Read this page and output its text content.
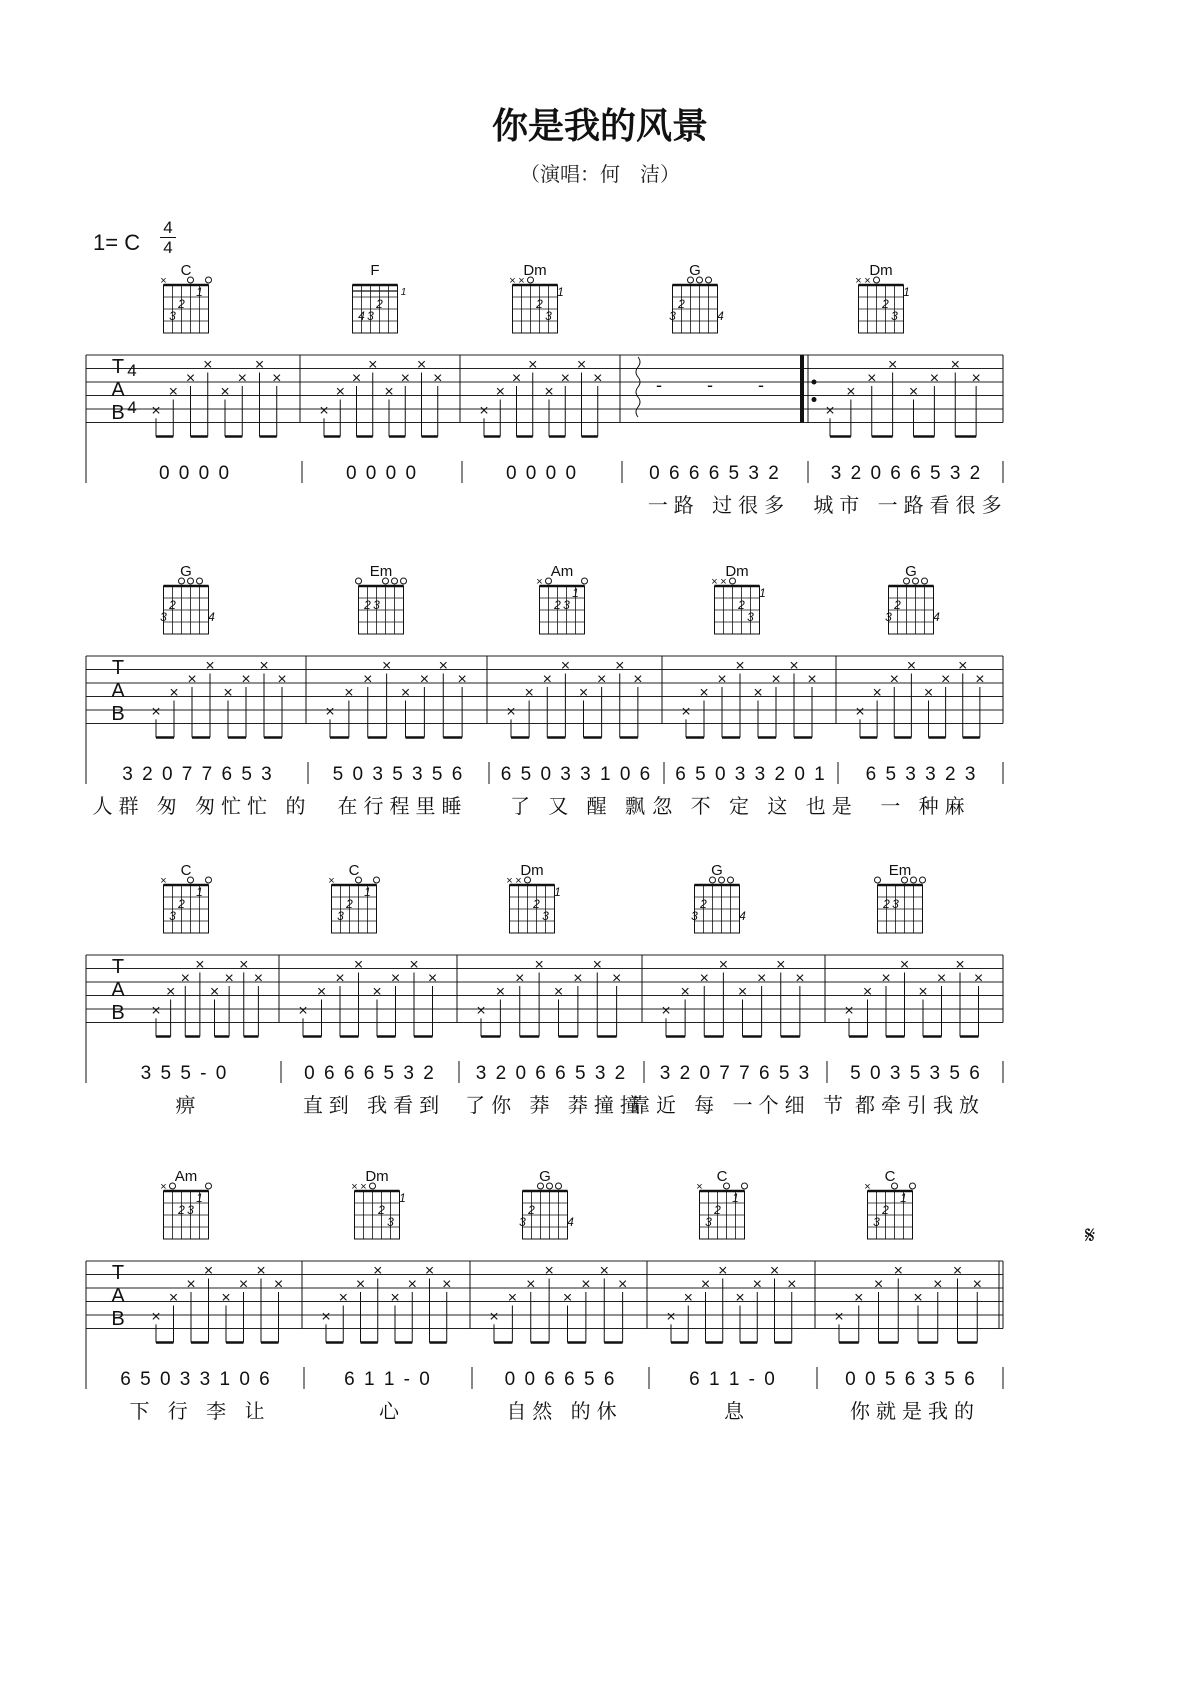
你是我的风景
（演唱：何　洁）
1= C
4
4
T
A
B
4
4 ×
×
×
×
×
×
×
×
0 0 0 0
×
×
×
×
×
×
×
×
0 0 0 0
×
×
×
×
×
×
×
×
0 0 0 0
- - -
0 6 6 6 5 3 2
一路 过很多
×
×
×
×
×
×
×
×
3 2 0 6 6 5 3 2
城市 一路看很多
C
×
1
2
3
F
1
2
3
4
Dm
×
×
1
2
3
G
2
3	4
Dm
×
×
1
2
3
T
A
B ×
×
×
×
×
×
×
×
3 2 0 7 7 6 5 3
人群 匆 匆忙忙 的
×
×
×
×
×
×
×
×
5 0 3 5 3 5 6
在行程里睡
×
×
×
×
×
×
×
×
6 5 0 3 3 1 0 6
了 又 醒 飘
×
×
×
×
×
×
×
×
6 5 0 3 3 2 0 1
忽 不 定 这 也是
×
×
×
×
×
×
×
×
6 5 3 3 2 3
一 种麻
G
2
3	4
Em
2 3
Am
×
1
2 3
Dm
×
×
1
2
3
G
2
3	4
T
A
B ×
×
×
×
×
×
×
×
3 5 5 - 0
痹
×
×
×
×
×
×
×
×
0 6 6 6 5 3 2
直到 我看到
×
×
×
×
×
×
×
×
3 2 0 6 6 5 3 2
了你 莽 莽撞撞
×
×
×
×
×
×
×
×
3 2 0 7 7 6 5 3
靠近 每 一个细 节
×
×
×
×
×
×
×
×
5 0 3 5 3 5 6
都牵引我放
C
×
1
2
3
C
×
1
2
3
Dm
×
×
1
2
3
G
2
3	4
Em
2 3
T
A
B ×
×
×
×
×
×
×
×
6 5 0 3 3 1 0 6
下 行 李 让
×
×
×
×
×
×
×
×
6 1 1 - 0
心
×
×
×
×
×
×
×
×
0 0 6 6 5 6
自然 的休
×
×
×
×
×
×
×
×
6 1 1 - 0
息
×
×
×
×
×
×
×
×
0 0 5 6 3 5 6
你就是我的
Am
×
1
2 3
Dm
×
×
1
2
3
G
2
3	4
C
×
1
2
3
C
×
1
2
3	𝄋
